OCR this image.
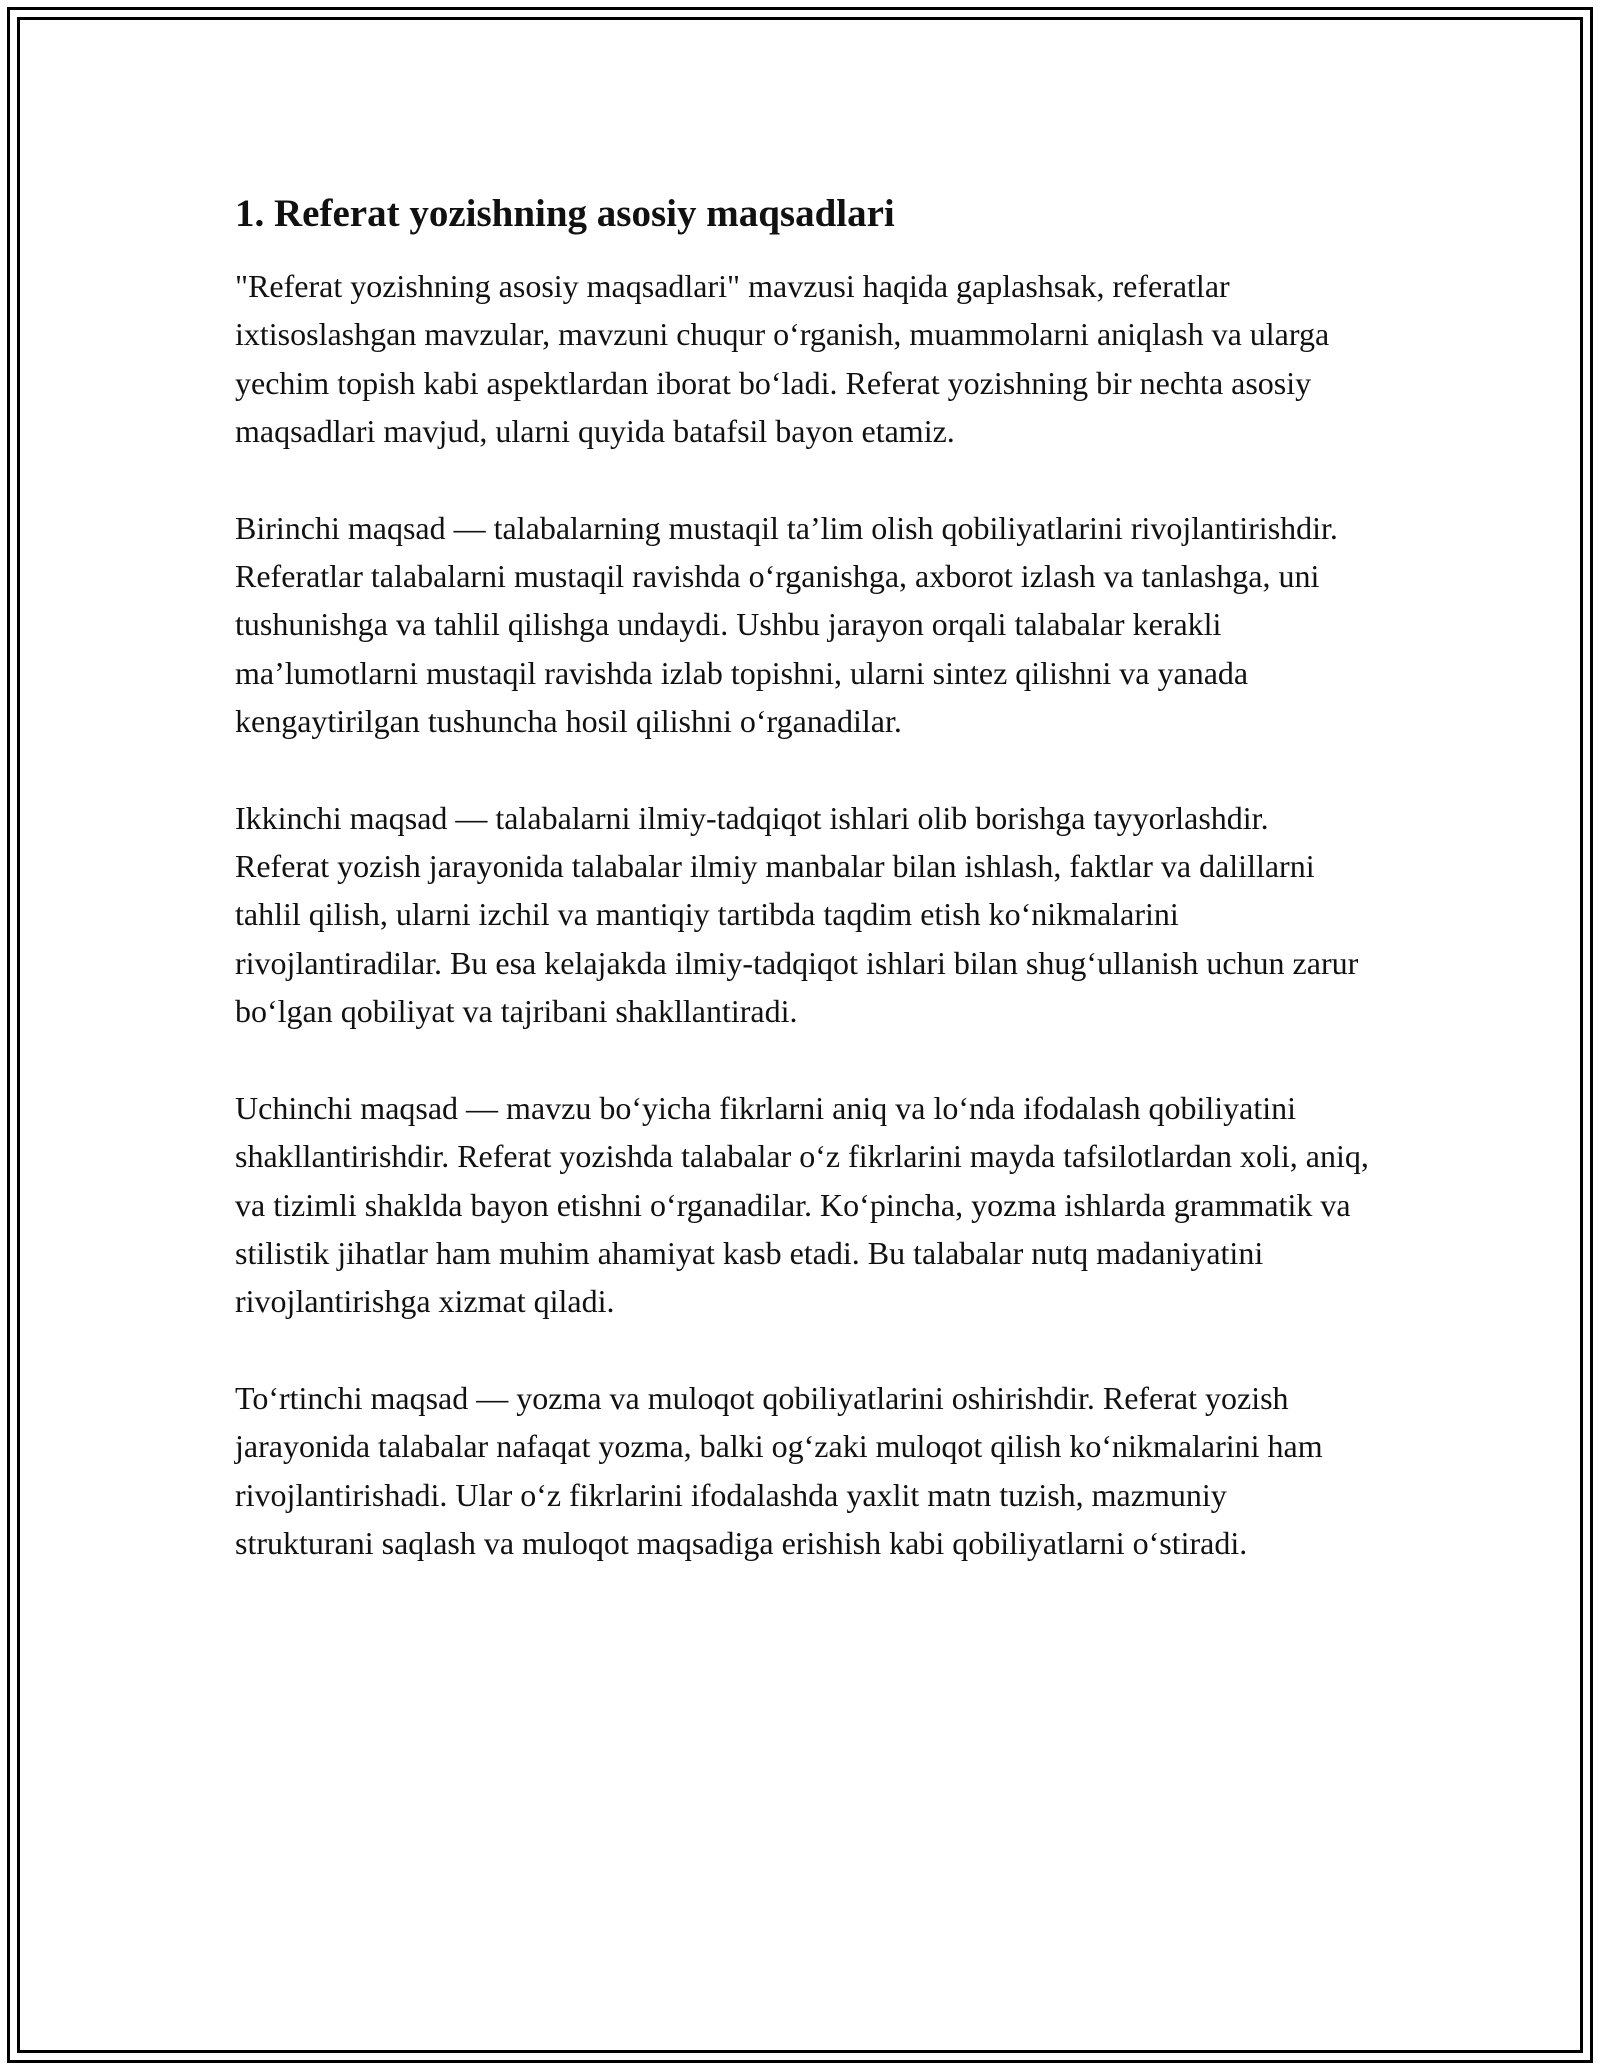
1. Referat yozishning asosiy maqsadlari

"Referat yozishning asosiy maqsadlari" mavzusi haqida gaplashsak, referatlar ixtisoslashgan mavzular, mavzuni chuqur o‘rganish, muammolarni aniqlash va ularga yechim topish kabi aspektlardan iborat bo‘ladi. Referat yozishning bir nechta asosiy maqsadlari mavjud, ularni quyida batafsil bayon etamiz.

Birinchi maqsad — talabalarning mustaqil ta’lim olish qobiliyatlarini rivojlantirishdir. Referatlar talabalarni mustaqil ravishda o‘rganishga, axborot izlash va tanlashga, uni tushunishga va tahlil qilishga undaydi. Ushbu jarayon orqali talabalar kerakli ma’lumotlarni mustaqil ravishda izlab topishni, ularni sintez qilishni va yanada kengaytirilgan tushuncha hosil qilishni o‘rganadilar.

Ikkinchi maqsad — talabalarni ilmiy-tadqiqot ishlari olib borishga tayyorlashdir. Referat yozish jarayonida talabalar ilmiy manbalar bilan ishlash, faktlar va dalillarni tahlil qilish, ularni izchil va mantiqiy tartibda taqdim etish ko‘nikmalarini rivojlantiradilar. Bu esa kelajakda ilmiy-tadqiqot ishlari bilan shug‘ullanish uchun zarur bo‘lgan qobiliyat va tajribani shakllantiradi.

Uchinchi maqsad — mavzu bo‘yicha fikrlarni aniq va lo‘nda ifodalash qobiliyatini shakllantirishdir. Referat yozishda talabalar o‘z fikrlarini mayda tafsilotlardan xoli, aniq, va tizimli shaklda bayon etishni o‘rganadilar. Ko‘pincha, yozma ishlarda grammatik va stilistik jihatlar ham muhim ahamiyat kasb etadi. Bu talabalar nutq madaniyatini rivojlantirishga xizmat qiladi.

To‘rtinchi maqsad — yozma va muloqot qobiliyatlarini oshirishdir. Referat yozish jarayonida talabalar nafaqat yozma, balki og‘zaki muloqot qilish ko‘nikmalarini ham rivojlantirishadi. Ular o‘z fikrlarini ifodalashda yaxlit matn tuzish, mazmuniy strukturani saqlash va muloqot maqsadiga erishish kabi qobiliyatlarni o‘stiradi.
